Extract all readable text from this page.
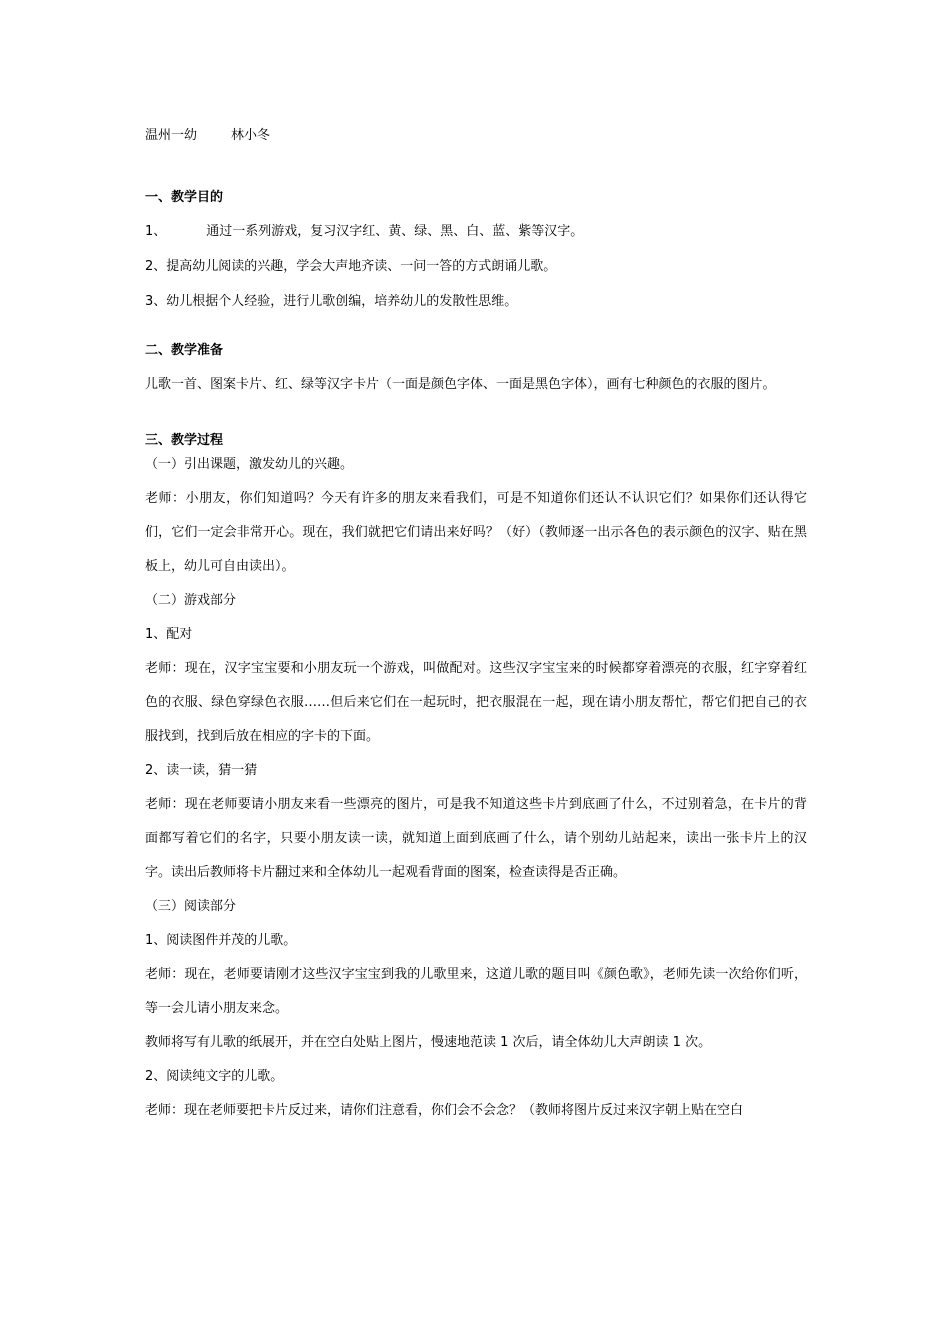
温州一幼	林小冬
一、教学目的
1、	通过一系列游戏，复习汉字红、黄、绿、黑、白、蓝、紫等汉字。
2、提高幼儿阅读的兴趣，学会大声地齐读、一问一答的方式朗诵儿歌。
3、幼儿根据个人经验，进行儿歌创编，培养幼儿的发散性思维。
二、教学准备
儿歌一首、图案卡片、红、绿等汉字卡片（一面是颜色字体、一面是黑色字体），画有七种颜色的衣服的图片。
三、教学过程
（一）引出课题，激发幼儿的兴趣。
老师：小朋友，你们知道吗？今天有许多的朋友来看我们，可是不知道你们还认不认识它们？如果你们还认得它们，它们一定会非常开心。现在，我们就把它们请出来好吗？（好）（教师逐一出示各色的表示颜色的汉字、贴在黑板上，幼儿可自由读出）。
（二）游戏部分
1、配对
老师：现在，汉字宝宝要和小朋友玩一个游戏，叫做配对。这些汉字宝宝来的时候都穿着漂亮的衣服，红字穿着红色的衣服、绿色穿绿色衣服……但后来它们在一起玩时，把衣服混在一起，现在请小朋友帮忙，帮它们把自己的衣服找到，找到后放在相应的字卡的下面。
2、读一读，猜一猜
老师：现在老师要请小朋友来看一些漂亮的图片，可是我不知道这些卡片到底画了什么，不过别着急，在卡片的背面都写着它们的名字，只要小朋友读一读，就知道上面到底画了什么，请个别幼儿站起来，读出一张卡片上的汉字。读出后教师将卡片翻过来和全体幼儿一起观看背面的图案，检查读得是否正确。
（三）阅读部分
1、阅读图件并茂的儿歌。
老师：现在，老师要请刚才这些汉字宝宝到我的儿歌里来，这道儿歌的题目叫《颜色歌》，老师先读一次给你们听，等一会儿请小朋友来念。
教师将写有儿歌的纸展开，并在空白处贴上图片，慢速地范读 1 次后，请全体幼儿大声朗读 1 次。
2、阅读纯文字的儿歌。
老师：现在老师要把卡片反过来，请你们注意看，你们会不会念？（教师将图片反过来汉字朝上贴在空白
